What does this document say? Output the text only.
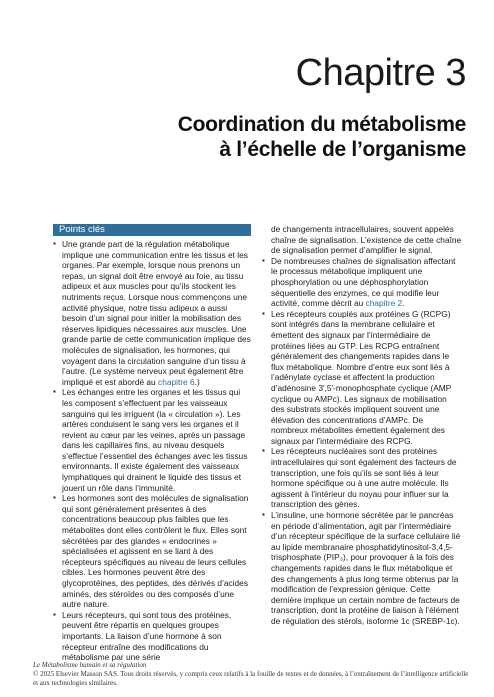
Chapitre 3
Coordination du métabolisme
à l’échelle de l’organisme
Points clés
▪ Une grande part de la régulation métabolique implique une communication entre les tissus et les organes. Par exemple, lorsque nous prenons un repas, un signal doit être envoyé au foie, au tissu adipeux et aux muscles pour qu’ils stockent les nutriments reçus. Lorsque nous commençons une activité physique, notre tissu adipeux a aussi besoin d’un signal pour initier la mobilisation des réserves lipidiques nécessaires aux muscles. Une grande partie de cette communication implique des molécules de signalisation, les hormones, qui voyagent dans la circulation sanguine d’un tissu à l’autre. (Le système nerveux peut également être impliqué et est abordé au chapitre 6.)
▪ Les échanges entre les organes et les tissus qui les composent s’effectuent par les vaisseaux sanguins qui les irriguent (la « circulation »). Les artères conduisent le sang vers les organes et il revient au cœur par les veines, après un passage dans les capillaires fins, au niveau desquels s’effectue l’essentiel des échanges avec les tissus environnants. Il existe également des vaisseaux lymphatiques qui drainent le liquide des tissus et jouent un rôle dans l’immunité.
▪ Les hormones sont des molécules de signalisation qui sont généralement présentes à des concentrations beaucoup plus faibles que les métabolites dont elles contrôlent le flux. Elles sont sécrétées par des glandes « endocrines » spécialisées et agissent en se liant à des récepteurs spécifiques au niveau de leurs cellules cibles. Les hormones peuvent être des glycoprotéines, des peptides, des dérivés d’acides aminés, des stéroïdes ou des composés d’une autre nature.
▪ Leurs récepteurs, qui sont tous des protéines, peuvent être répartis en quelques groupes importants. La liaison d’une hormone à son récepteur entraîne des modifications du métabolisme par une série
de changements intracellulaires, souvent appelés chaîne de signalisation. L’existence de cette chaîne de signalisation permet d’amplifier le signal.
▪ De nombreuses chaînes de signalisation affectant le processus métabolique impliquent une phosphorylation ou une déphosphorylation séquentielle des enzymes, ce qui modifie leur activité, comme décrit au chapitre 2.
▪ Les récepteurs couplés aux protéines G (RCPG) sont intégrés dans la membrane cellulaire et émettent des signaux par l’intermédiaire de protéines liées au GTP. Les RCPG entraînent généralement des changements rapides dans le flux métabolique. Nombre d’entre eux sont liés à l’adénylate cyclase et affectent la production d’adénosine 3′,5′-monophosphate cyclique (AMP cyclique ou AMPc). Les signaux de mobilisation des substrats stockés impliquent souvent une élévation des concentrations d’AMPc. De nombreux métabolites émettent également des signaux par l’intermédiaire des RCPG.
▪ Les récepteurs nucléaires sont des protéines intracellulaires qui sont également des facteurs de transcription, une fois qu’ils se sont liés à leur hormone spécifique ou à une autre molécule. Ils agissent à l’intérieur du noyau pour influer sur la transcription des gènes.
▪ L’insuline, une hormone sécrétée par le pancréas en période d’alimentation, agit par l’intermédiaire d’un récepteur spécifique de la surface cellulaire lié au lipide membranaire phosphatidylinositol-3,4,5-trisphosphate (PIP₃), pour provoquer à la fois des changements rapides dans le flux métabolique et des changements à plus long terme obtenus par la modification de l’expression génique. Cette dernière implique un certain nombre de facteurs de transcription, dont la protéine de liaison à l’élément de régulation des stérols, isoforme 1c (SREBP-1c).
Le Métabolisme humain et sa régulation
© 2025 Elsevier Masson SAS. Tous droits réservés, y compris ceux relatifs à la fouille de textes et de données, à l’entraînement de l’intelligence artificielle et aux technologies similaires.
